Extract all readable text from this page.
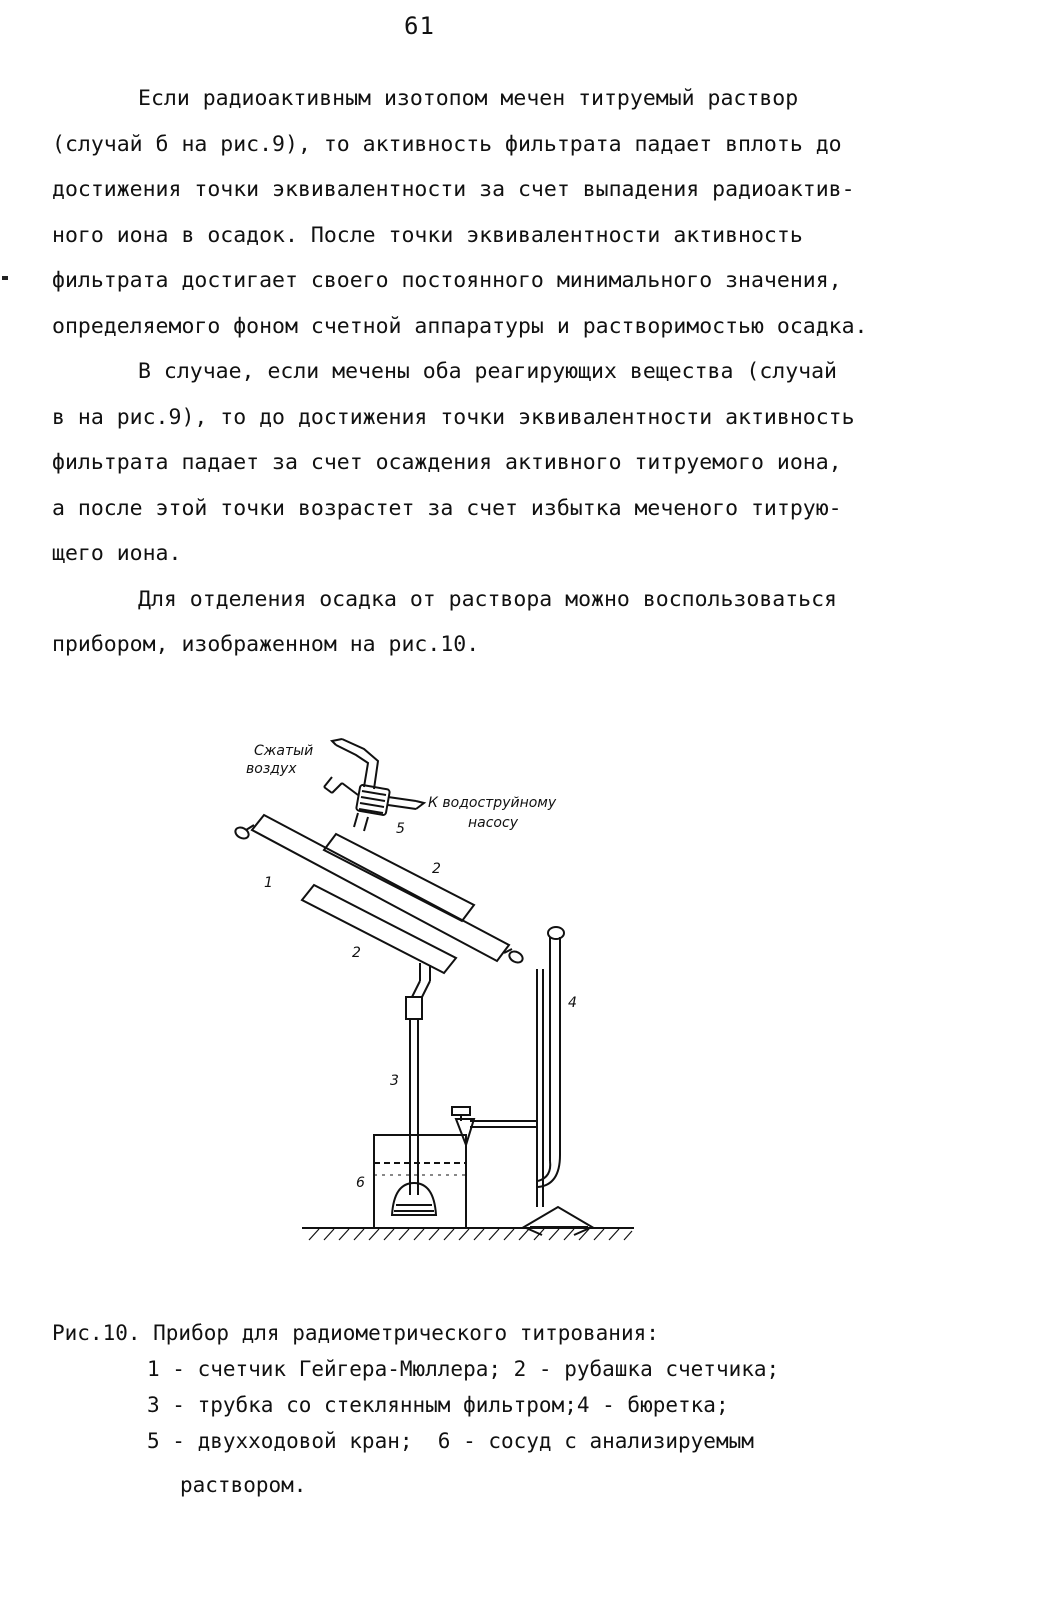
61
Если радиоактивным изотопом мечен титруемый раствор
(случай б на рис.9), то активность фильтрата падает вплоть до
достижения точки эквивалентности за счет выпадения радиоактив-
ного иона в осадок. После точки эквивалентности активность
фильтрата достигает своего постоянного минимального значения,
определяемого фоном счетной аппаратуры и растворимостью осадка.
В случае, если мечены оба реагирующих вещества (случай
в на рис.9), то до достижения точки эквивалентности активность
фильтрата падает за счет осаждения активного титруемого иона,
а после этой точки возрастет за счет избытка меченого титрую-
щего иона.
Для отделения осадка от раствора можно воспользоваться
прибором, изображенном на рис.10.
Сжатый
воздух
К водоструйному
насосу
5
1
2
2
3
4
6
Рис.10. Прибор для радиометрического титрования:
1 - счетчик Гейгера-Мюллера; 2 - рубашка счетчика;
3 - трубка со стеклянным фильтром;4 - бюретка;
5 - двухходовой кран;  6 - сосуд с анализируемым
раствором.
